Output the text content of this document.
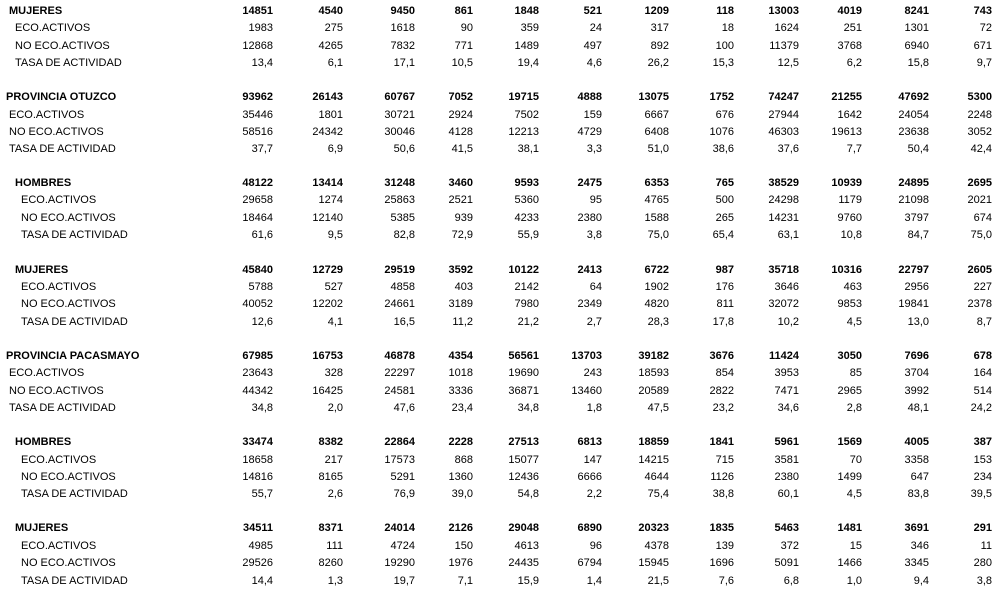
MUJERES	14851	4540	9450	861	1848	521	1209	118	13003	4019	8241	743
ECO.ACTIVOS	1983	275	1618	90	359	24	317	18	1624	251	1301	72
NO ECO.ACTIVOS	12868	4265	7832	771	1489	497	892	100	11379	3768	6940	671
TASA DE ACTIVIDAD	13,4	6,1	17,1	10,5	19,4	4,6	26,2	15,3	12,5	6,2	15,8	9,7
PROVINCIA OTUZCO	93962	26143	60767	7052	19715	4888	13075	1752	74247	21255	47692	5300
ECO.ACTIVOS	35446	1801	30721	2924	7502	159	6667	676	27944	1642	24054	2248
NO ECO.ACTIVOS	58516	24342	30046	4128	12213	4729	6408	1076	46303	19613	23638	3052
TASA DE ACTIVIDAD	37,7	6,9	50,6	41,5	38,1	3,3	51,0	38,6	37,6	7,7	50,4	42,4
HOMBRES	48122	13414	31248	3460	9593	2475	6353	765	38529	10939	24895	2695
ECO.ACTIVOS	29658	1274	25863	2521	5360	95	4765	500	24298	1179	21098	2021
NO ECO.ACTIVOS	18464	12140	5385	939	4233	2380	1588	265	14231	9760	3797	674
TASA DE ACTIVIDAD	61,6	9,5	82,8	72,9	55,9	3,8	75,0	65,4	63,1	10,8	84,7	75,0
MUJERES	45840	12729	29519	3592	10122	2413	6722	987	35718	10316	22797	2605
ECO.ACTIVOS	5788	527	4858	403	2142	64	1902	176	3646	463	2956	227
NO ECO.ACTIVOS	40052	12202	24661	3189	7980	2349	4820	811	32072	9853	19841	2378
TASA DE ACTIVIDAD	12,6	4,1	16,5	11,2	21,2	2,7	28,3	17,8	10,2	4,5	13,0	8,7
PROVINCIA PACASMAYO	67985	16753	46878	4354	56561	13703	39182	3676	11424	3050	7696	678
ECO.ACTIVOS	23643	328	22297	1018	19690	243	18593	854	3953	85	3704	164
NO ECO.ACTIVOS	44342	16425	24581	3336	36871	13460	20589	2822	7471	2965	3992	514
TASA DE ACTIVIDAD	34,8	2,0	47,6	23,4	34,8	1,8	47,5	23,2	34,6	2,8	48,1	24,2
HOMBRES	33474	8382	22864	2228	27513	6813	18859	1841	5961	1569	4005	387
ECO.ACTIVOS	18658	217	17573	868	15077	147	14215	715	3581	70	3358	153
NO ECO.ACTIVOS	14816	8165	5291	1360	12436	6666	4644	1126	2380	1499	647	234
TASA DE ACTIVIDAD	55,7	2,6	76,9	39,0	54,8	2,2	75,4	38,8	60,1	4,5	83,8	39,5
MUJERES	34511	8371	24014	2126	29048	6890	20323	1835	5463	1481	3691	291
ECO.ACTIVOS	4985	111	4724	150	4613	96	4378	139	372	15	346	11
NO ECO.ACTIVOS	29526	8260	19290	1976	24435	6794	15945	1696	5091	1466	3345	280
TASA DE ACTIVIDAD	14,4	1,3	19,7	7,1	15,9	1,4	21,5	7,6	6,8	1,0	9,4	3,8
